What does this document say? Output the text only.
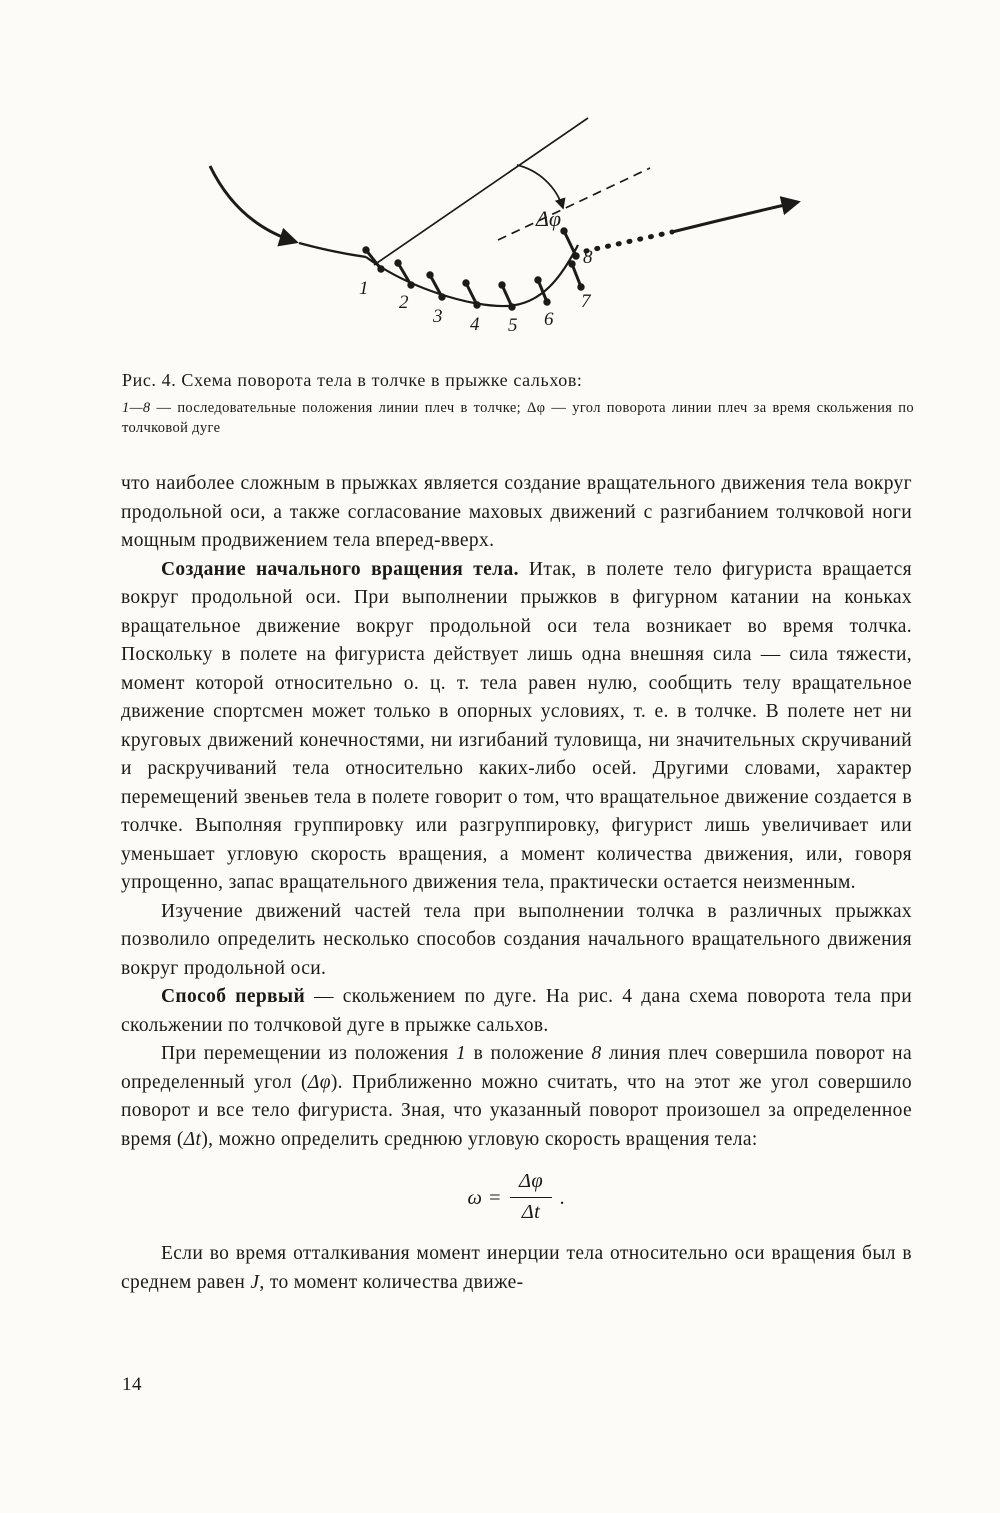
Δφ
1
2
3 4 5 6
7
8
Рис. 4. Схема поворота тела в толчке в прыжке сальхов:
1—8 — последовательные положения линии плеч в толчке; Δφ — угол поворота линии плеч за время скольжения по толчковой дуге

что наиболее сложным в прыжках является создание вращательного движения тела вокруг продольной оси, а также согласование маховых движений с разгибанием толчковой ноги мощным продвижением тела вперед-вверх.

Создание начального вращения тела. Итак, в полете тело фигуриста вращается вокруг продольной оси. При выполнении прыжков в фигурном катании на коньках вращательное движение вокруг продольной оси тела возникает во время толчка. Поскольку в полете на фигуриста действует лишь одна внешняя сила — сила тяжести, момент которой относительно о. ц. т. тела равен нулю, сообщить телу вращательное движение спортсмен может только в опорных условиях, т. е. в толчке. В полете нет ни круговых движений конечностями, ни изгибаний туловища, ни значительных скручиваний и раскручиваний тела относительно каких-либо осей. Другими словами, характер перемещений звеньев тела в полете говорит о том, что вращательное движение создается в толчке. Выполняя группировку или разгруппировку, фигурист лишь увеличивает или уменьшает угловую скорость вращения, а момент количества движения, или, говоря упрощенно, запас вращательного движения тела, практически остается неизменным.

Изучение движений частей тела при выполнении толчка в различных прыжках позволило определить несколько способов создания начального вращательного движения вокруг продольной оси.

Способ первый — скольжением по дуге. На рис. 4 дана схема поворота тела при скольжении по толчковой дуге в прыжке сальхов.

При перемещении из положения 1 в положение 8 линия плеч совершила поворот на определенный угол (Δφ). Приближенно можно считать, что на этот же угол совершило поворот и все тело фигуриста. Зная, что указанный поворот произошел за определенное время (Δt), можно определить среднюю угловую скорость вращения тела:

$\omega = \frac{\Delta\varphi}{\Delta t}$ .

Если во время отталкивания момент инерции тела относительно оси вращения был в среднем равен J, то момент количества движе-

14
